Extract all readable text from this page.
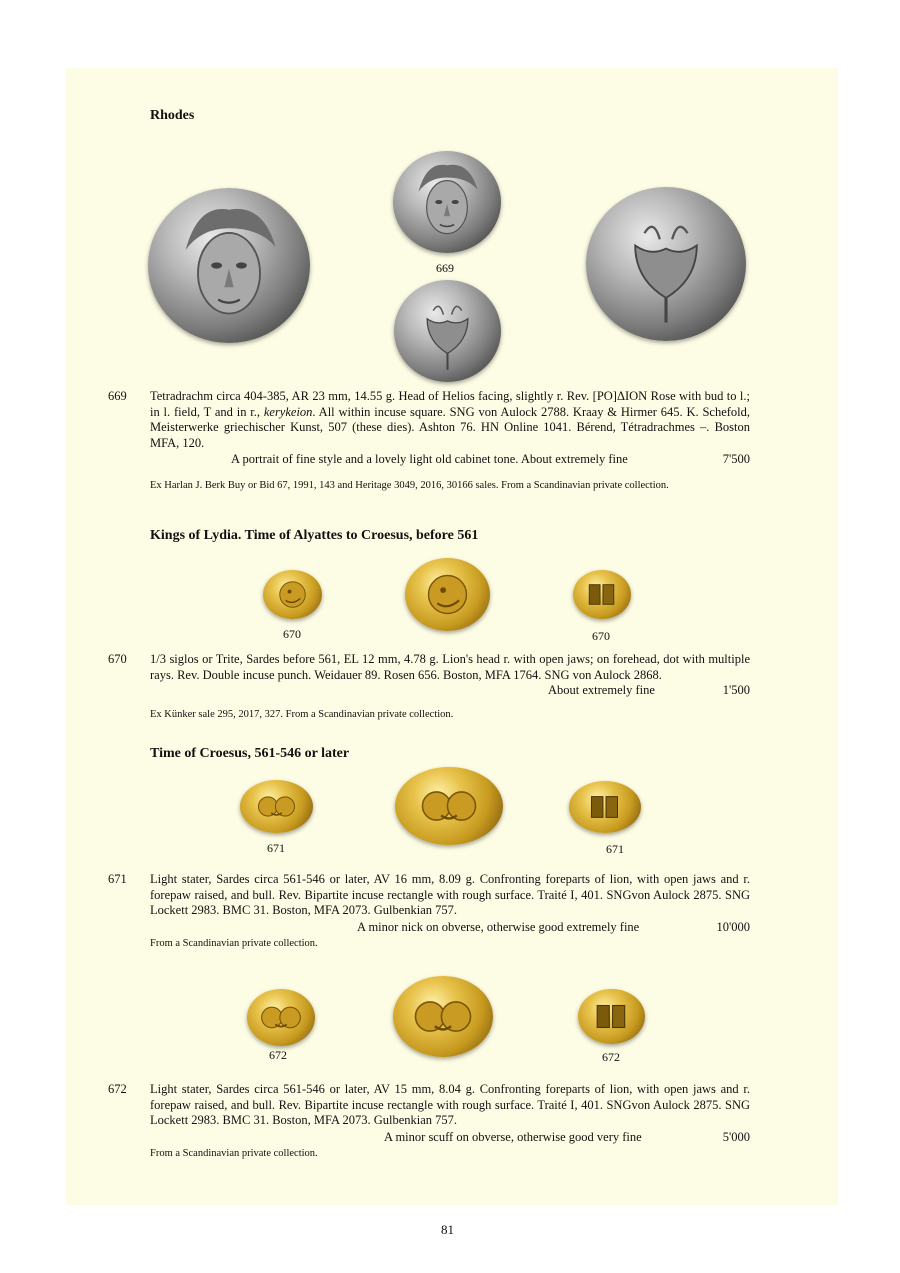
Rhodes
669
669 Tetradrachm circa 404-385, AR 23 mm, 14.55 g. Head of Helios facing, slightly r. Rev. [PO]ΔΙΟΝ Rose with bud to l.; in l. field, T and in r., kerykeion. All within incuse square. SNG von Aulock 2788. Kraay & Hirmer 645. K. Schefold, Meisterwerke griechischer Kunst, 507 (these dies). Ashton 76. HN Online 1041. Bérend, Tétradrachmes –. Boston MFA, 120.
A portrait of fine style and a lovely light old cabinet tone. About extremely fine	7'500
Ex Harlan J. Berk Buy or Bid 67, 1991, 143 and Heritage 3049, 2016, 30166 sales. From a Scandinavian private collection.
Kings of Lydia. Time of Alyattes to Croesus, before 561
670	670
670 1/3 siglos or Trite, Sardes before 561, EL 12 mm, 4.78 g. Lion's head r. with open jaws; on forehead, dot with multiple rays. Rev. Double incuse punch. Weidauer 89. Rosen 656. Boston, MFA 1764. SNG von Aulock 2868.
About extremely fine	1'500
Ex Künker sale 295, 2017, 327. From a Scandinavian private collection.
Time of Croesus, 561-546 or later
671	671
671 Light stater, Sardes circa 561-546 or later, AV 16 mm, 8.09 g. Confronting foreparts of lion, with open jaws and r. forepaw raised, and bull. Rev. Bipartite incuse rectangle with rough surface. Traité I, 401. SNGvon Aulock 2875. SNG Lockett 2983. BMC 31. Boston, MFA 2073. Gulbenkian 757.
A minor nick on obverse, otherwise good extremely fine	10'000
From a Scandinavian private collection.
672	672
672 Light stater, Sardes circa 561-546 or later, AV 15 mm, 8.04 g. Confronting foreparts of lion, with open jaws and r. forepaw raised, and bull. Rev. Bipartite incuse rectangle with rough surface. Traité I, 401. SNGvon Aulock 2875. SNG Lockett 2983. BMC 31. Boston, MFA 2073. Gulbenkian 757.
A minor scuff on obverse, otherwise good very fine	5'000
From a Scandinavian private collection.
81
